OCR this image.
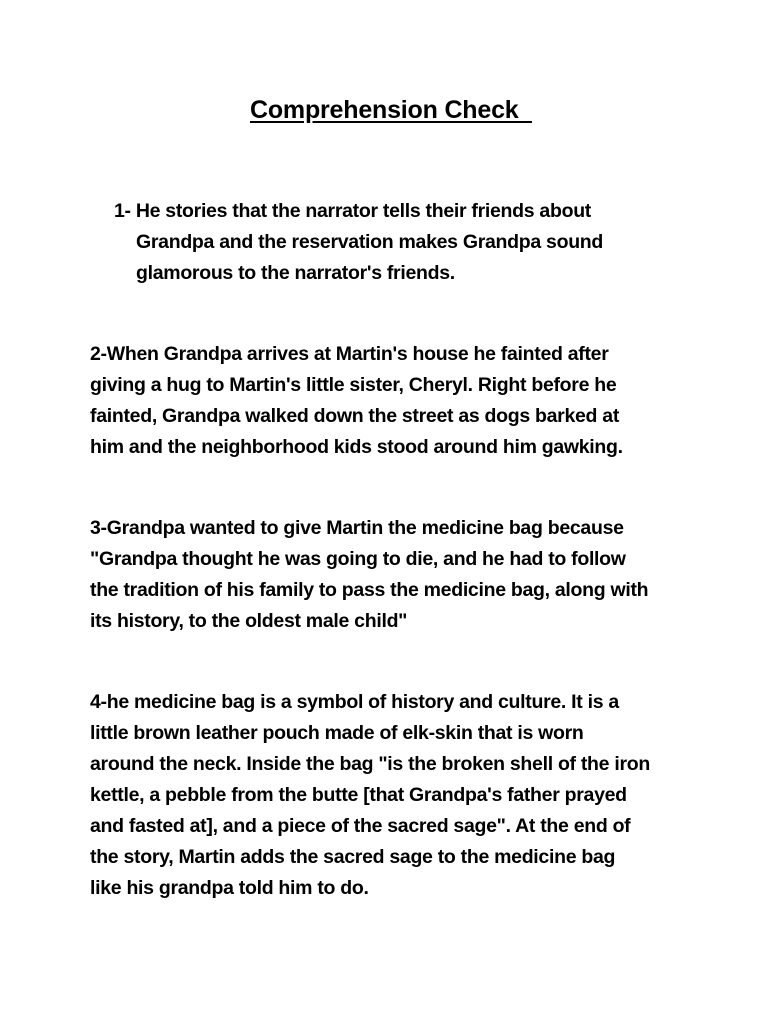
Comprehension Check

1- He stories that the narrator tells their friends about

Grandpa and the reservation makes Grandpa sound

glamorous to the narrator's friends.

2-When Grandpa arrives at Martin's house he fainted after

giving a hug to Martin's little sister, Cheryl. Right before he

fainted, Grandpa walked down the street as dogs barked at

him and the neighborhood kids stood around him gawking.

3-Grandpa wanted to give Martin the medicine bag because

"Grandpa thought he was going to die, and he had to follow

the tradition of his family to pass the medicine bag, along with

its history, to the oldest male child"

4-he medicine bag is a symbol of history and culture. It is a

little brown leather pouch made of elk-skin that is worn

around the neck. Inside the bag "is the broken shell of the iron

kettle, a pebble from the butte [that Grandpa's father prayed

and fasted at], and a piece of the sacred sage". At the end of

the story, Martin adds the sacred sage to the medicine bag

like his grandpa told him to do.
